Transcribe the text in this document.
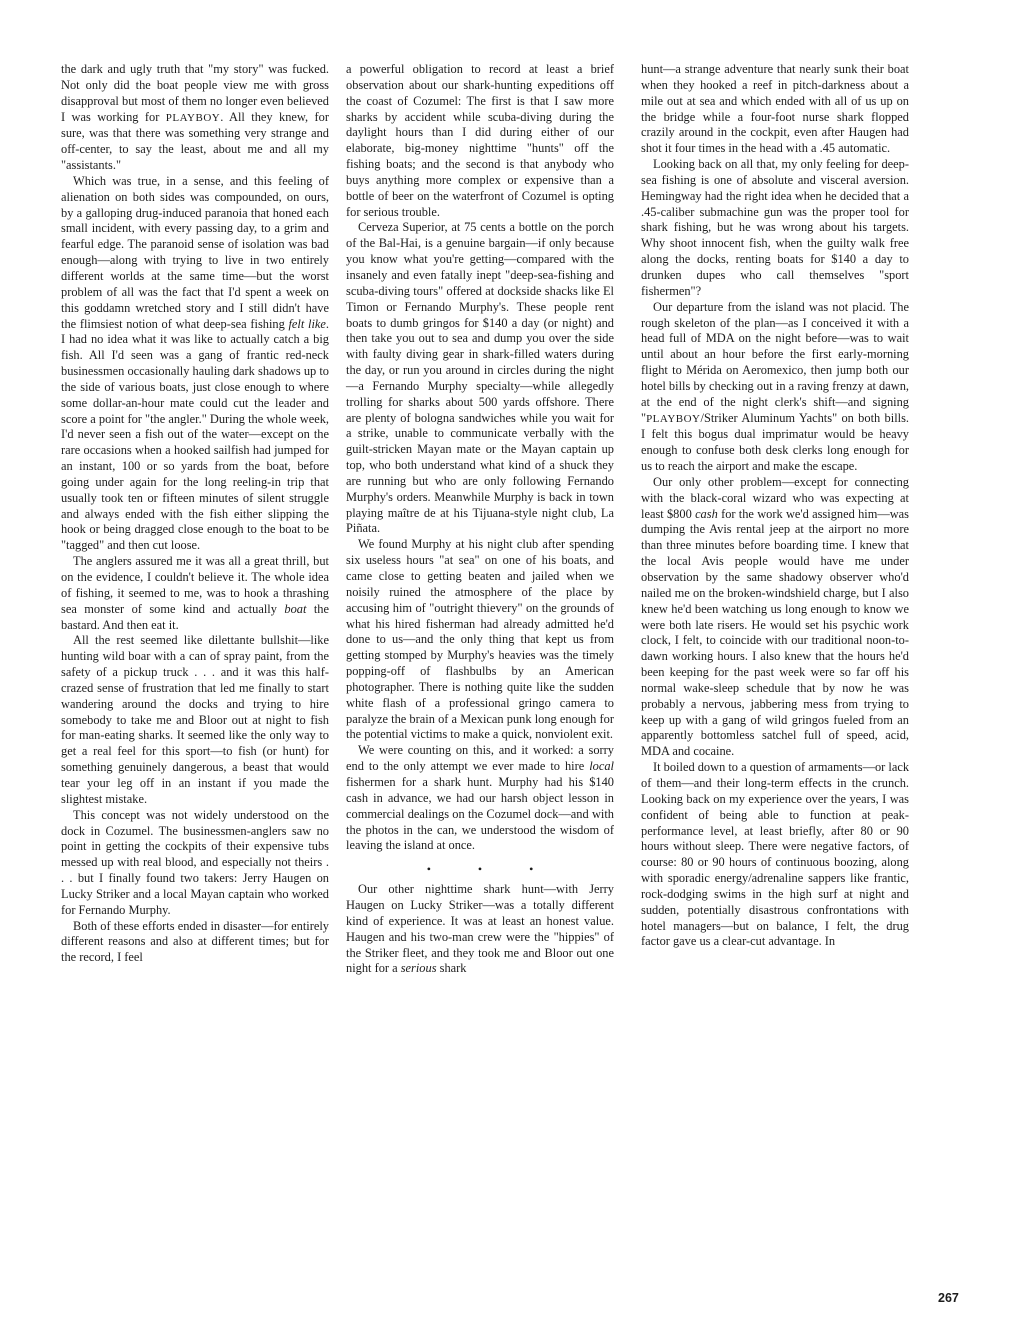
the dark and ugly truth that "my story" was fucked. Not only did the boat people view me with gross disapproval but most of them no longer even believed I was working for PLAYBOY. All they knew, for sure, was that there was something very strange and off-center, to say the least, about me and all my "assistants."

Which was true, in a sense, and this feeling of alienation on both sides was compounded, on ours, by a galloping drug-induced paranoia that honed each small incident, with every passing day, to a grim and fearful edge. The paranoid sense of isolation was bad enough—along with trying to live in two entirely different worlds at the same time—but the worst problem of all was the fact that I'd spent a week on this goddamn wretched story and I still didn't have the flimsiest notion of what deep-sea fishing felt like. I had no idea what it was like to actually catch a big fish. All I'd seen was a gang of frantic red-neck businessmen occasionally hauling dark shadows up to the side of various boats, just close enough to where some dollar-an-hour mate could cut the leader and score a point for "the angler." During the whole week, I'd never seen a fish out of the water—except on the rare occasions when a hooked sailfish had jumped for an instant, 100 or so yards from the boat, before going under again for the long reeling-in trip that usually took ten or fifteen minutes of silent struggle and always ended with the fish either slipping the hook or being dragged close enough to the boat to be "tagged" and then cut loose.

The anglers assured me it was all a great thrill, but on the evidence, I couldn't believe it. The whole idea of fishing, it seemed to me, was to hook a thrashing sea monster of some kind and actually boat the bastard. And then eat it.

All the rest seemed like dilettante bullshit—like hunting wild boar with a can of spray paint, from the safety of a pickup truck . . . and it was this half-crazed sense of frustration that led me finally to start wandering around the docks and trying to hire somebody to take me and Bloor out at night to fish for man-eating sharks. It seemed like the only way to get a real feel for this sport—to fish (or hunt) for something genuinely dangerous, a beast that would tear your leg off in an instant if you made the slightest mistake.

This concept was not widely understood on the dock in Cozumel. The businessmen-anglers saw no point in getting the cockpits of their expensive tubs messed up with real blood, and especially not theirs . . . but I finally found two takers: Jerry Haugen on Lucky Striker and a local Mayan captain who worked for Fernando Murphy.

Both of these efforts ended in disaster—for entirely different reasons and also at different times; but for the record, I feel

a powerful obligation to record at least a brief observation about our shark-hunting expeditions off the coast of Cozumel: The first is that I saw more sharks by accident while scuba-diving during the daylight hours than I did during either of our elaborate, big-money nighttime "hunts" off the fishing boats; and the second is that anybody who buys anything more complex or expensive than a bottle of beer on the waterfront of Cozumel is opting for serious trouble.

Cerveza Superior, at 75 cents a bottle on the porch of the Bal-Hai, is a genuine bargain—if only because you know what you're getting—compared with the insanely and even fatally inept "deep-sea-fishing and scuba-diving tours" offered at dockside shacks like El Timon or Fernando Murphy's. These people rent boats to dumb gringos for $140 a day (or night) and then take you out to sea and dump you over the side with faulty diving gear in shark-filled waters during the day, or run you around in circles during the night—a Fernando Murphy specialty—while allegedly trolling for sharks about 500 yards offshore. There are plenty of bologna sandwiches while you wait for a strike, unable to communicate verbally with the guilt-stricken Mayan mate or the Mayan captain up top, who both understand what kind of a shuck they are running but who are only following Fernando Murphy's orders. Meanwhile Murphy is back in town playing maître de at his Tijuana-style night club, La Piñata.

We found Murphy at his night club after spending six useless hours "at sea" on one of his boats, and came close to getting beaten and jailed when we noisily ruined the atmosphere of the place by accusing him of "outright thievery" on the grounds of what his hired fisherman had already admitted he'd done to us—and the only thing that kept us from getting stomped by Murphy's heavies was the timely popping-off of flashbulbs by an American photographer. There is nothing quite like the sudden white flash of a professional gringo camera to paralyze the brain of a Mexican punk long enough for the potential victims to make a quick, nonviolent exit.

We were counting on this, and it worked: a sorry end to the only attempt we ever made to hire local fishermen for a shark hunt. Murphy had his $140 cash in advance, we had our harsh object lesson in commercial dealings on the Cozumel dock—and with the photos in the can, we understood the wisdom of leaving the island at once.

• • •

Our other nighttime shark hunt—with Jerry Haugen on Lucky Striker—was a totally different kind of experience. It was at least an honest value. Haugen and his two-man crew were the "hippies" of the Striker fleet, and they took me and Bloor out one night for a serious shark

hunt—a strange adventure that nearly sunk their boat when they hooked a reef in pitch-darkness about a mile out at sea and which ended with all of us up on the bridge while a four-foot nurse shark flopped crazily around in the cockpit, even after Haugen had shot it four times in the head with a .45 automatic.

Looking back on all that, my only feeling for deep-sea fishing is one of absolute and visceral aversion. Hemingway had the right idea when he decided that a .45-caliber submachine gun was the proper tool for shark fishing, but he was wrong about his targets. Why shoot innocent fish, when the guilty walk free along the docks, renting boats for $140 a day to drunken dupes who call themselves "sport fishermen"?

Our departure from the island was not placid. The rough skeleton of the plan—as I conceived it with a head full of MDA on the night before—was to wait until about an hour before the first early-morning flight to Mérida on Aeromexico, then jump both our hotel bills by checking out in a raving frenzy at dawn, at the end of the night clerk's shift—and signing "PLAYBOY/Striker Aluminum Yachts" on both bills. I felt this bogus dual imprimatur would be heavy enough to confuse both desk clerks long enough for us to reach the airport and make the escape.

Our only other problem—except for connecting with the black-coral wizard who was expecting at least $800 cash for the work we'd assigned him—was dumping the Avis rental jeep at the airport no more than three minutes before boarding time. I knew that the local Avis people would have me under observation by the same shadowy observer who'd nailed me on the broken-windshield charge, but I also knew he'd been watching us long enough to know we were both late risers. He would set his psychic work clock, I felt, to coincide with our traditional noon-to-dawn working hours. I also knew that the hours he'd been keeping for the past week were so far off his normal wake-sleep schedule that by now he was probably a nervous, jabbering mess from trying to keep up with a gang of wild gringos fueled from an apparently bottomless satchel full of speed, acid, MDA and cocaine.

It boiled down to a question of armaments—or lack of them—and their long-term effects in the crunch. Looking back on my experience over the years, I was confident of being able to function at peak-performance level, at least briefly, after 80 or 90 hours without sleep. There were negative factors, of course: 80 or 90 hours of continuous boozing, along with sporadic energy/adrenaline sappers like frantic, rock-dodging swims in the high surf at night and sudden, potentially disastrous confrontations with hotel managers—but on balance, I felt, the drug factor gave us a clear-cut advantage. In

267
